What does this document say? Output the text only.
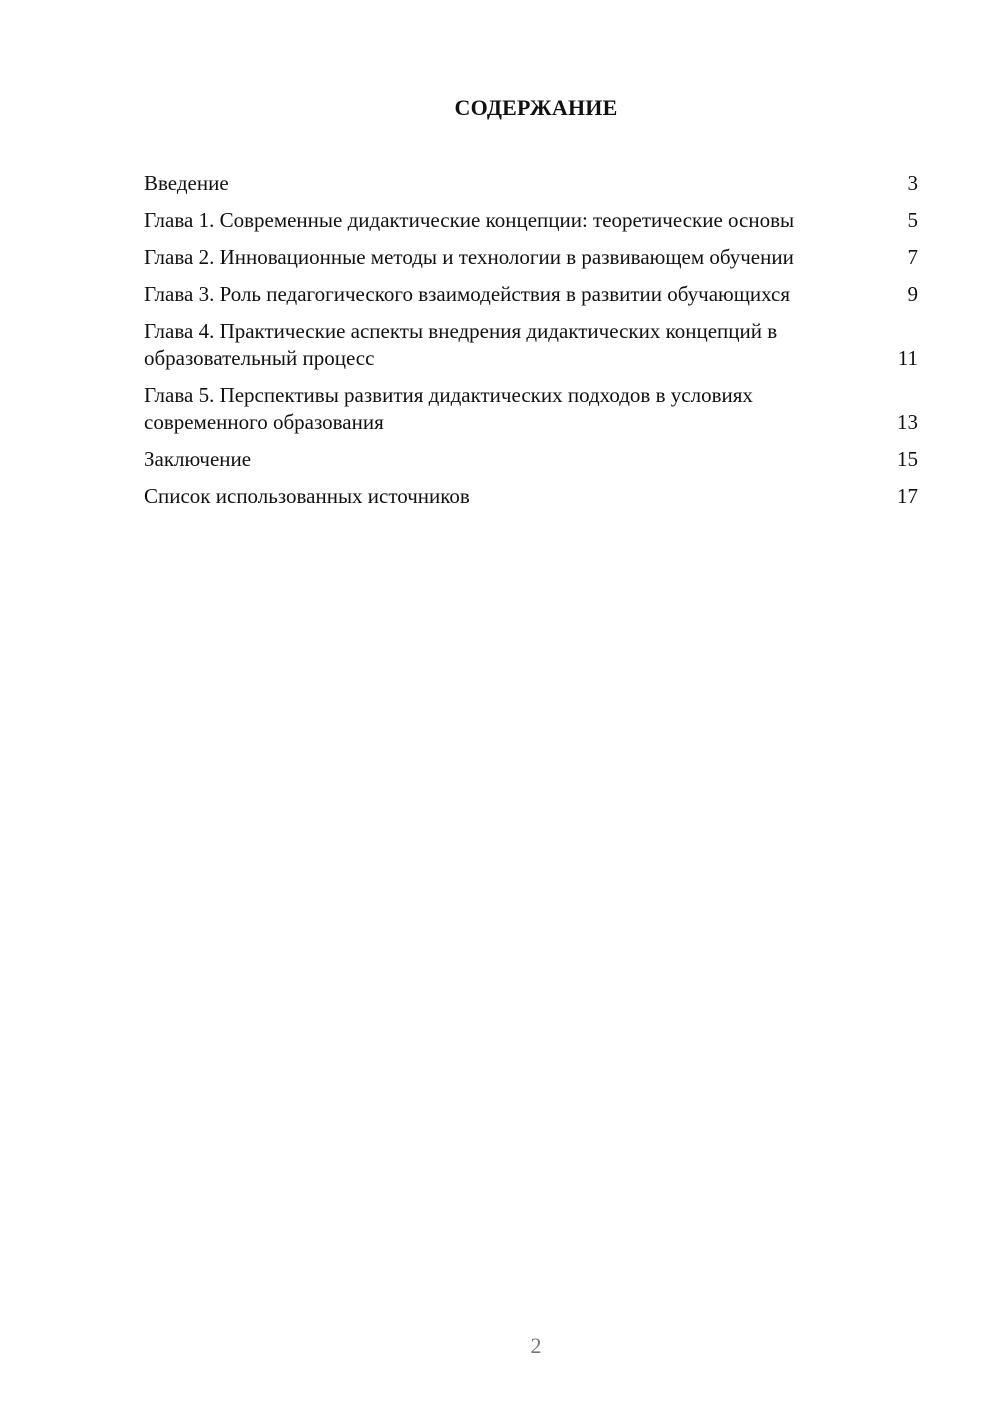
СОДЕРЖАНИЕ
Введение	3
Глава 1. Современные дидактические концепции: теоретические основы	5
Глава 2. Инновационные методы и технологии в развивающем обучении	7
Глава 3. Роль педагогического взаимодействия в развитии обучающихся	9
Глава 4. Практические аспекты внедрения дидактических концепций в образовательный процесс	11
Глава 5. Перспективы развития дидактических подходов в условиях современного образования	13
Заключение	15
Список использованных источников	17
2
